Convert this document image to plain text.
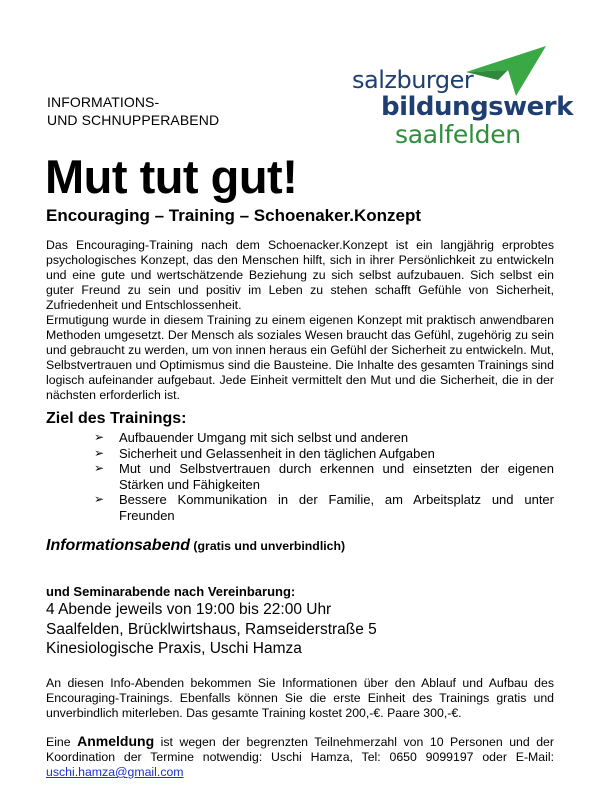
INFORMATIONS-
UND SCHNUPPERABEND
salzburger
bildungswerk
saalfelden
Mut tut gut!
Encouraging – Training – Schoenaker.Konzept
Das Encouraging-Training nach dem Schoenacker.Konzept ist ein langjährig erprobtes psychologisches Konzept, das den Menschen hilft, sich in ihrer Persönlichkeit zu entwickeln und eine gute und wertschätzende Beziehung zu sich selbst aufzubauen. Sich selbst ein guter Freund zu sein und positiv im Leben zu stehen schafft Gefühle von Sicherheit, Zufriedenheit und Entschlossenheit.
Ermutigung wurde in diesem Training zu einem eigenen Konzept mit praktisch anwendbaren Methoden umgesetzt. Der Mensch als soziales Wesen braucht das Gefühl, zugehörig zu sein und gebraucht zu werden, um von innen heraus ein Gefühl der Sicherheit zu entwickeln. Mut, Selbstvertrauen und Optimismus sind die Bausteine. Die Inhalte des gesamten Trainings sind logisch aufeinander aufgebaut. Jede Einheit vermittelt den Mut und die Sicherheit, die in der nächsten erforderlich ist.
Ziel des Trainings:
➢ Aufbauender Umgang mit sich selbst und anderen
➢ Sicherheit und Gelassenheit in den täglichen Aufgaben
➢ Mut und Selbstvertrauen durch erkennen und einsetzten der eigenen Stärken und Fähigkeiten
➢ Bessere Kommunikation in der Familie, am Arbeitsplatz und unter Freunden
Informationsabend (gratis und unverbindlich)
und Seminarabende nach Vereinbarung:
4 Abende jeweils von 19:00 bis 22:00 Uhr
Saalfelden, Brücklwirtshaus, Ramseiderstraße 5
Kinesiologische Praxis, Uschi Hamza
An diesen Info-Abenden bekommen Sie Informationen über den Ablauf und Aufbau des Encouraging-Trainings. Ebenfalls können Sie die erste Einheit des Trainings gratis und unverbindlich miterleben. Das gesamte Training kostet 200,-€. Paare 300,-€.
Eine Anmeldung ist wegen der begrenzten Teilnehmerzahl von 10 Personen und der Koordination der Termine notwendig: Uschi Hamza, Tel: 0650 9099197 oder E-Mail: uschi.hamza@gmail.com
